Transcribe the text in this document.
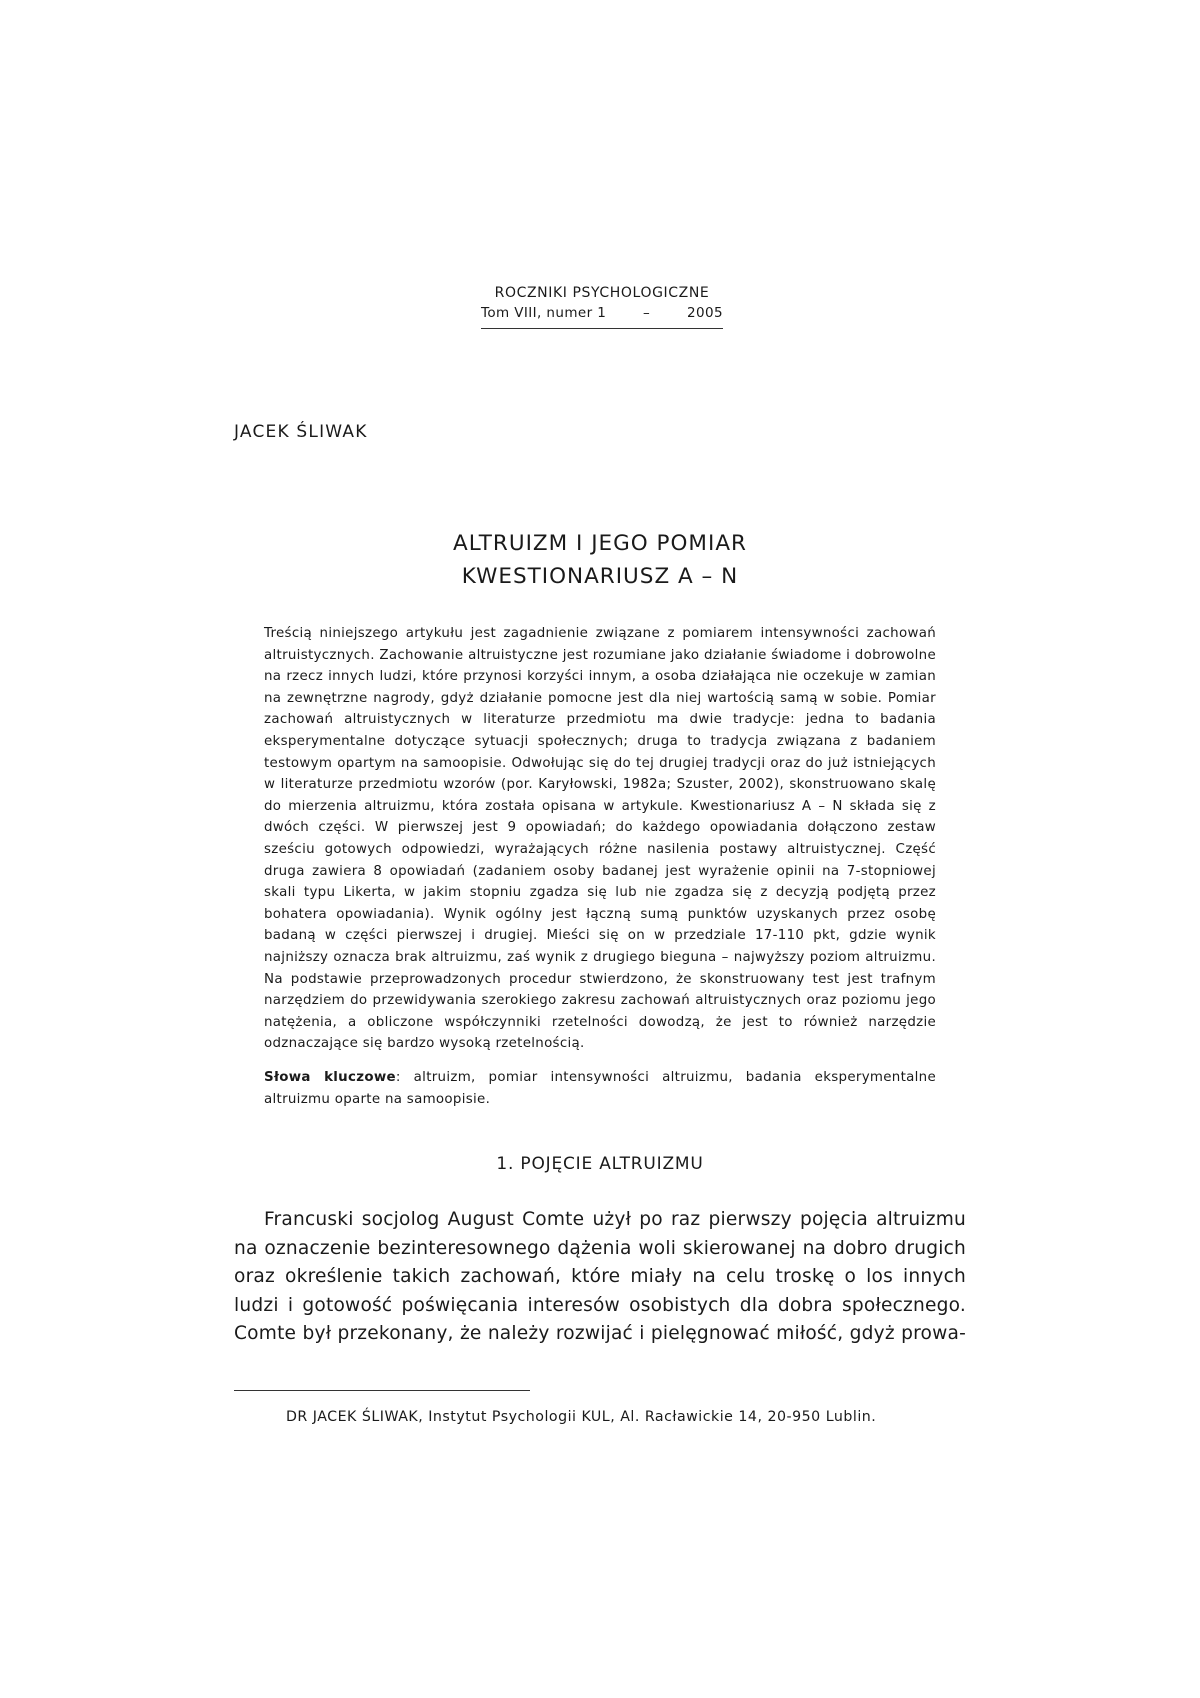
ROCZNIKI PSYCHOLOGICZNE
Tom VIII, numer 1	–	2005
JACEK ŚLIWAK
ALTRUIZM I JEGO POMIAR
KWESTIONARIUSZ A – N
Treścią niniejszego artykułu jest zagadnienie związane z pomiarem intensywności zachowań altruistycznych. Zachowanie altruistyczne jest rozumiane jako działanie świadome i dobrowolne na rzecz innych ludzi, które przynosi korzyści innym, a osoba działająca nie oczekuje w zamian na zewnętrzne nagrody, gdyż działanie pomocne jest dla niej wartością samą w sobie. Pomiar zachowań altruistycznych w literaturze przedmiotu ma dwie tradycje: jedna to badania eksperymentalne dotyczące sytuacji społecznych; druga to tradycja związana z badaniem testowym opartym na samoopisie. Odwołując się do tej drugiej tradycji oraz do już istniejących w literaturze przedmiotu wzorów (por. Karyłowski, 1982a; Szuster, 2002), skonstruowano skalę do mierzenia altruizmu, która została opisana w artykule. Kwestionariusz A – N składa się z dwóch części. W pierwszej jest 9 opowiadań; do każdego opowiadania dołączono zestaw sześciu gotowych odpowiedzi, wyrażających różne nasilenia postawy altruistycznej. Część druga zawiera 8 opowiadań (zadaniem osoby badanej jest wyrażenie opinii na 7-stopniowej skali typu Likerta, w jakim stopniu zgadza się lub nie zgadza się z decyzją podjętą przez bohatera opowiadania). Wynik ogólny jest łączną sumą punktów uzyskanych przez osobę badaną w części pierwszej i drugiej. Mieści się on w przedziale 17-110 pkt, gdzie wynik najniższy oznacza brak altruizmu, zaś wynik z drugiego bieguna – najwyższy poziom altruizmu. Na podstawie przeprowadzonych procedur stwierdzono, że skonstruowany test jest trafnym narzędziem do przewidywania szerokiego zakresu zachowań altruistycznych oraz poziomu jego natężenia, a obliczone współczynniki rzetelności dowodzą, że jest to również narzędzie odznaczające się bardzo wysoką rzetelnością.
Słowa kluczowe: altruizm, pomiar intensywności altruizmu, badania eksperymentalne altruizmu oparte na samoopisie.
1. POJĘCIE ALTRUIZMU

Francuski socjolog August Comte użył po raz pierwszy pojęcia altruizmu na oznaczenie bezinteresownego dążenia woli skierowanej na dobro drugich oraz określenie takich zachowań, które miały na celu troskę o los innych ludzi i gotowość poświęcania interesów osobistych dla dobra społecznego. Comte był przekonany, że należy rozwijać i pielęgnować miłość, gdyż prowa-

DR JACEK ŚLIWAK, Instytut Psychologii KUL, Al. Racławickie 14, 20-950 Lublin.
